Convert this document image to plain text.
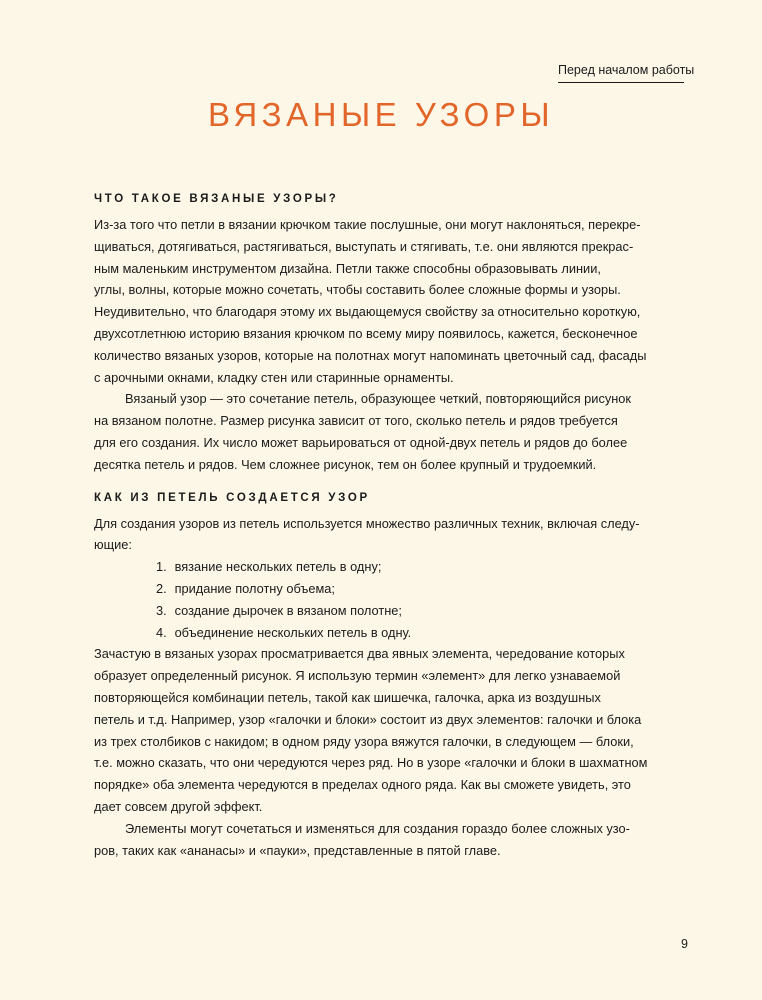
Перед началом работы
ВЯЗАНЫЕ УЗОРЫ
ЧТО ТАКОЕ ВЯЗАНЫЕ УЗОРЫ?
Из-за того что петли в вязании крючком такие послушные, они могут наклоняться, перекре-
щиваться, дотягиваться, растягиваться, выступать и стягивать, т.е. они являются прекрас-
ным маленьким инструментом дизайна. Петли также способны образовывать линии,
углы, волны, которые можно сочетать, чтобы составить более сложные формы и узоры.
Неудивительно, что благодаря этому их выдающемуся свойству за относительно короткую,
двухсотлетнюю историю вязания крючком по всему миру появилось, кажется, бесконечное
количество вязаных узоров, которые на полотнах могут напоминать цветочный сад, фасады
с арочными окнами, кладку стен или старинные орнаменты.
Вязаный узор — это сочетание петель, образующее четкий, повторяющийся рисунок
на вязаном полотне. Размер рисунка зависит от того, сколько петель и рядов требуется
для его создания. Их число может варьироваться от одной-двух петель и рядов до более
десятка петель и рядов. Чем сложнее рисунок, тем он более крупный и трудоемкий.
КАК ИЗ ПЕТЕЛЬ СОЗДАЕТСЯ УЗОР
Для создания узоров из петель используется множество различных техник, включая следу-
ющие:
1. вязание нескольких петель в одну;
2. придание полотну объема;
3. создание дырочек в вязаном полотне;
4. объединение нескольких петель в одну.
Зачастую в вязаных узорах просматривается два явных элемента, чередование которых
образует определенный рисунок. Я использую термин «элемент» для легко узнаваемой
повторяющейся комбинации петель, такой как шишечка, галочка, арка из воздушных
петель и т.д. Например, узор «галочки и блоки» состоит из двух элементов: галочки и блока
из трех столбиков с накидом; в одном ряду узора вяжутся галочки, в следующем — блоки,
т.е. можно сказать, что они чередуются через ряд. Но в узоре «галочки и блоки в шахматном
порядке» оба элемента чередуются в пределах одного ряда. Как вы сможете увидеть, это
дает совсем другой эффект.
Элементы могут сочетаться и изменяться для создания гораздо более сложных узо-
ров, таких как «ананасы» и «пауки», представленные в пятой главе.
9
